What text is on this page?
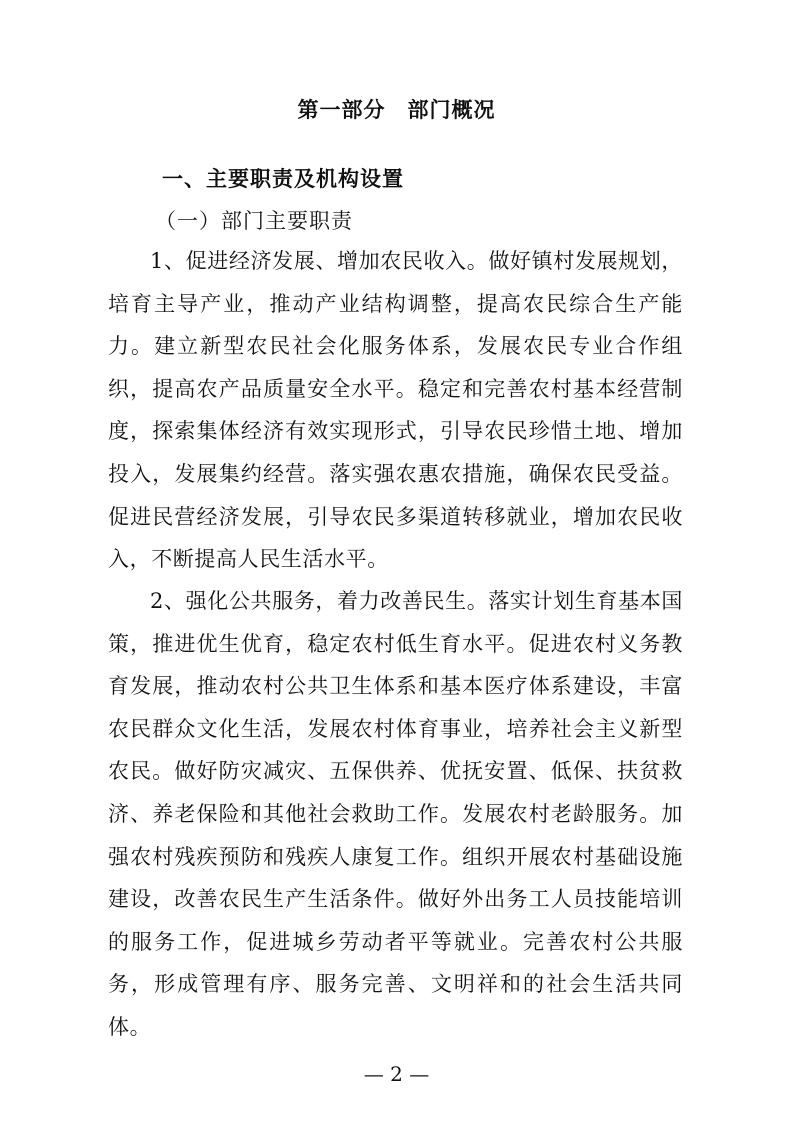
第一部分　部门概况
一、主要职责及机构设置
（一）部门主要职责

1、促进经济发展、增加农民收入。做好镇村发展规划，培育主导产业，推动产业结构调整，提高农民综合生产能力。建立新型农民社会化服务体系，发展农民专业合作组织，提高农产品质量安全水平。稳定和完善农村基本经营制度，探索集体经济有效实现形式，引导农民珍惜土地、增加投入，发展集约经营。落实强农惠农措施，确保农民受益。促进民营经济发展，引导农民多渠道转移就业，增加农民收入，不断提高人民生活水平。

2、强化公共服务，着力改善民生。落实计划生育基本国策，推进优生优育，稳定农村低生育水平。促进农村义务教育发展，推动农村公共卫生体系和基本医疗体系建设，丰富农民群众文化生活，发展农村体育事业，培养社会主义新型农民。做好防灾减灾、五保供养、优抚安置、低保、扶贫救济、养老保险和其他社会救助工作。发展农村老龄服务。加强农村残疾预防和残疾人康复工作。组织开展农村基础设施建设，改善农民生产生活条件。做好外出务工人员技能培训的服务工作，促进城乡劳动者平等就业。完善农村公共服务，形成管理有序、服务完善、文明祥和的社会生活共同体。

— 2 —
